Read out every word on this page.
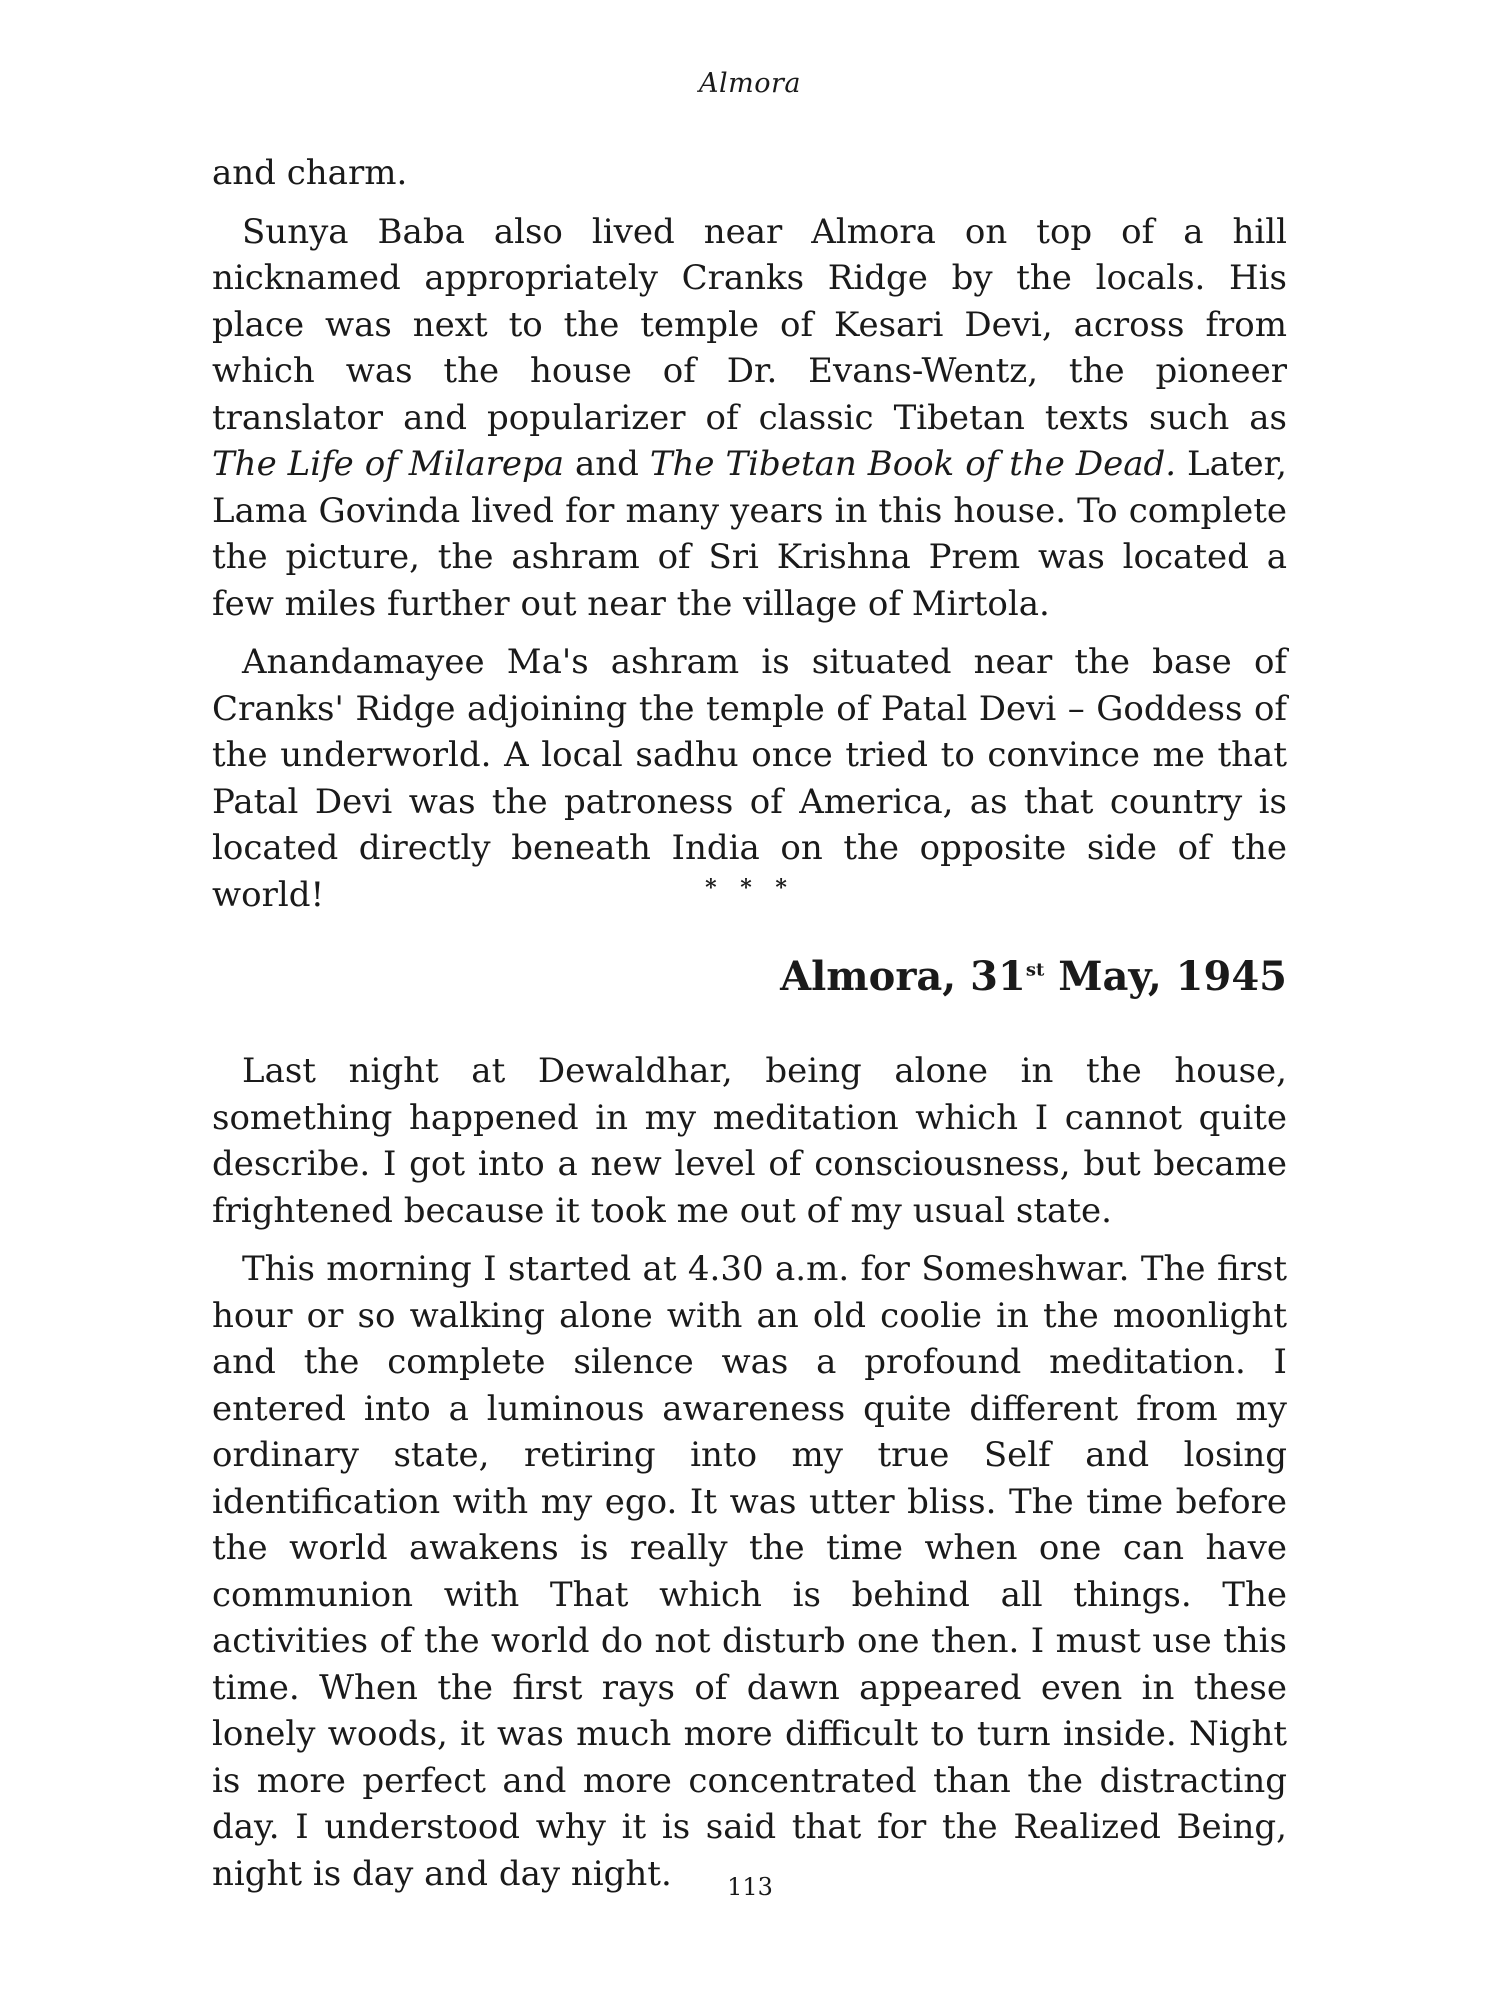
Almora

and charm.

Sunya Baba also lived near Almora on top of a hill nicknamed appropriately Cranks Ridge by the locals. His place was next to the temple of Kesari Devi, across from which was the house of Dr. Evans-Wentz, the pioneer translator and popularizer of classic Tibetan texts such as The Life of Milarepa and The Tibetan Book of the Dead. Later, Lama Govinda lived for many years in this house. To complete the picture, the ashram of Sri Krishna Prem was located a few miles further out near the village of Mirtola.

Anandamayee Ma's ashram is situated near the base of Cranks' Ridge adjoining the temple of Patal Devi – Goddess of the underworld. A local sadhu once tried to convince me that Patal Devi was the patroness of America, as that country is located directly beneath India on the opposite side of the world!	* * *
Almora, 31st May, 1945

Last night at Dewaldhar, being alone in the house, something happened in my meditation which I cannot quite describe. I got into a new level of consciousness, but became frightened because it took me out of my usual state.

This morning I started at 4.30 a.m. for Someshwar. The first hour or so walking alone with an old coolie in the moonlight and the complete silence was a profound meditation. I entered into a luminous awareness quite different from my ordinary state, retiring into my true Self and losing identification with my ego. It was utter bliss. The time before the world awakens is really the time when one can have communion with That which is behind all things. The activities of the world do not disturb one then. I must use this time. When the first rays of dawn appeared even in these lonely woods, it was much more difficult to turn inside. Night is more perfect and more concentrated than the distracting day. I understood why it is said that for the Realized Being, night is day and day night.	113
